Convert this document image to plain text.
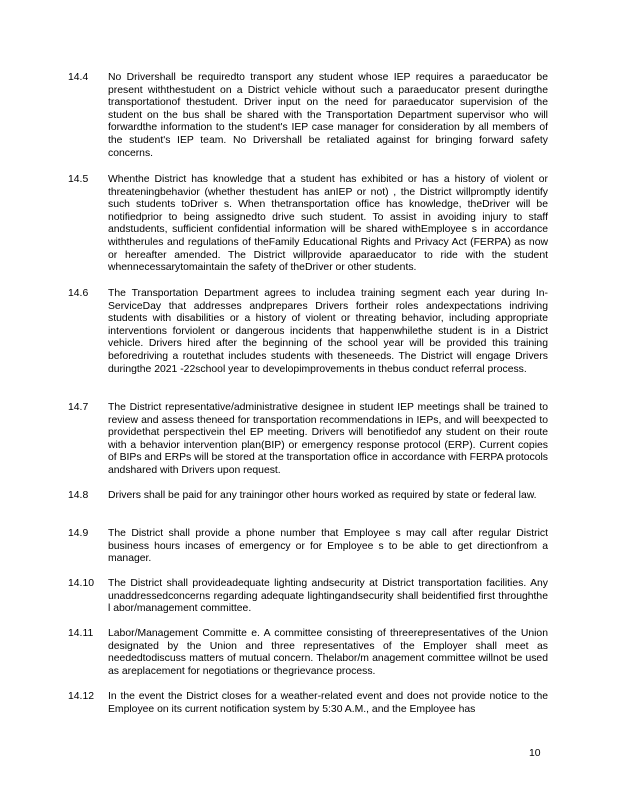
14.4	No Drivershall be requiredto transport any student whose IEP requires a paraeducator be present withthestudent on a District vehicle without such a paraeducator present duringthe transportationof thestudent. Driver input on the need for paraeducator supervision of the student on the bus shall be shared with the Transportation Department supervisor who will forwardthe information to the student's IEP case manager for consideration by all members of the student's IEP team. No Drivershall be retaliated against for bringing forward safety concerns.
14.5	Whenthe District has knowledge that a student has exhibited or has a history of violent or threateningbehavior (whether thestudent has anIEP or not) , the District willpromptly identify such students toDriver s. When thetransportation office has knowledge, theDriver will be notifiedprior to being assignedto drive such student. To assist in avoiding injury to staff andstudents, sufficient confidential information will be shared withEmployee s in accordance withtherules and regulations of theFamily Educational Rights and Privacy Act (FERPA) as now or hereafter amended. The District willprovide aparaeducator to ride with the student whennecessarytomaintain the safety of theDriver or other students.
14.6	The Transportation Department agrees to includea training segment each year during In-ServiceDay that addresses andprepares Drivers fortheir roles andexpectations indriving students with disabilities or a history of violent or threating behavior, including appropriate interventions forviolent or dangerous incidents that happenwhilethe student is in a District vehicle. Drivers hired after the beginning of the school year will be provided this training beforedriving a routethat includes students with theseneeds. The District will engage Drivers duringthe 2021 -22school year to developimprovements in thebus conduct referral process.
14.7	The District representative/administrative designee in student IEP meetings shall be trained to review and assess theneed for transportation recommendations in IEPs, and will beexpected to providethat perspectivein thel EP meeting. Drivers will benotifiedof any student on their route with a behavior intervention plan(BIP) or emergency response protocol (ERP). Current copies of BIPs and ERPs will be stored at the transportation office in accordance with FERPA protocols andshared with Drivers upon request.
14.8	Drivers shall be paid for any trainingor other hours worked as required by state or federal law.
14.9	The District shall provide a phone number that Employee s may call after regular District business hours incases of emergency or for Employee s to be able to get directionfrom a manager.
14.10	The District shall provideadequate lighting andsecurity at District transportation facilities. Any unaddressedconcerns regarding adequate lightingandsecurity shall beidentified first throughthe l abor/management committee.
14.11	Labor/Management Committe e. A committee consisting of threerepresentatives of the Union designated by the Union and three representatives of the Employer shall meet as neededtodiscuss matters of mutual concern. Thelabor/m anagement committee willnot be used as areplacement for negotiations or thegrievance process.
14.12	In the event the District closes for a weather-related event and does not provide notice to the Employee on its current notification system by 5:30 A.M., and the Employee has
10
